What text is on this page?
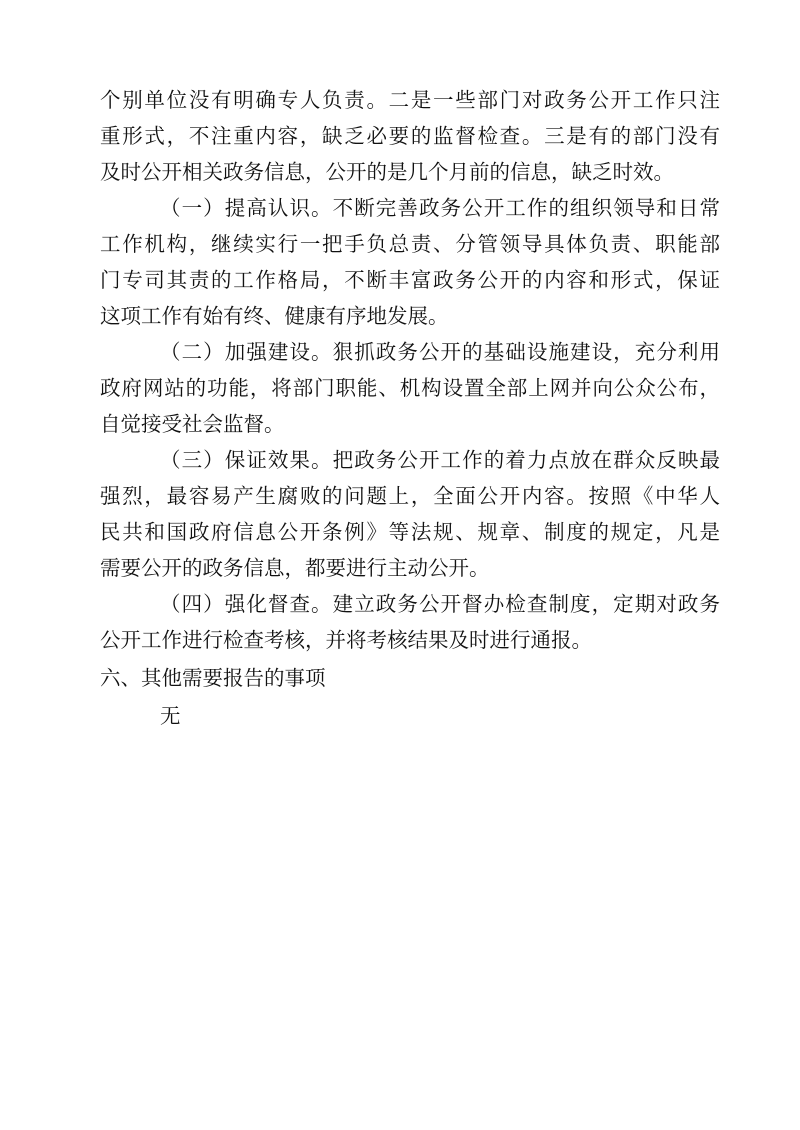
个别单位没有明确专人负责。二是一些部门对政务公开工作只注
重形式，不注重内容，缺乏必要的监督检查。三是有的部门没有
及时公开相关政务信息，公开的是几个月前的信息，缺乏时效。
（一）提高认识。不断完善政务公开工作的组织领导和日常
工作机构，继续实行一把手负总责、分管领导具体负责、职能部
门专司其责的工作格局，不断丰富政务公开的内容和形式，保证
这项工作有始有终、健康有序地发展。
（二）加强建设。狠抓政务公开的基础设施建设，充分利用
政府网站的功能，将部门职能、机构设置全部上网并向公众公布，
自觉接受社会监督。
（三）保证效果。把政务公开工作的着力点放在群众反映最
强烈，最容易产生腐败的问题上，全面公开内容。按照《中华人
民共和国政府信息公开条例》等法规、规章、制度的规定，凡是
需要公开的政务信息，都要进行主动公开。
（四）强化督查。建立政务公开督办检查制度，定期对政务
公开工作进行检查考核，并将考核结果及时进行通报。
六、其他需要报告的事项
无
